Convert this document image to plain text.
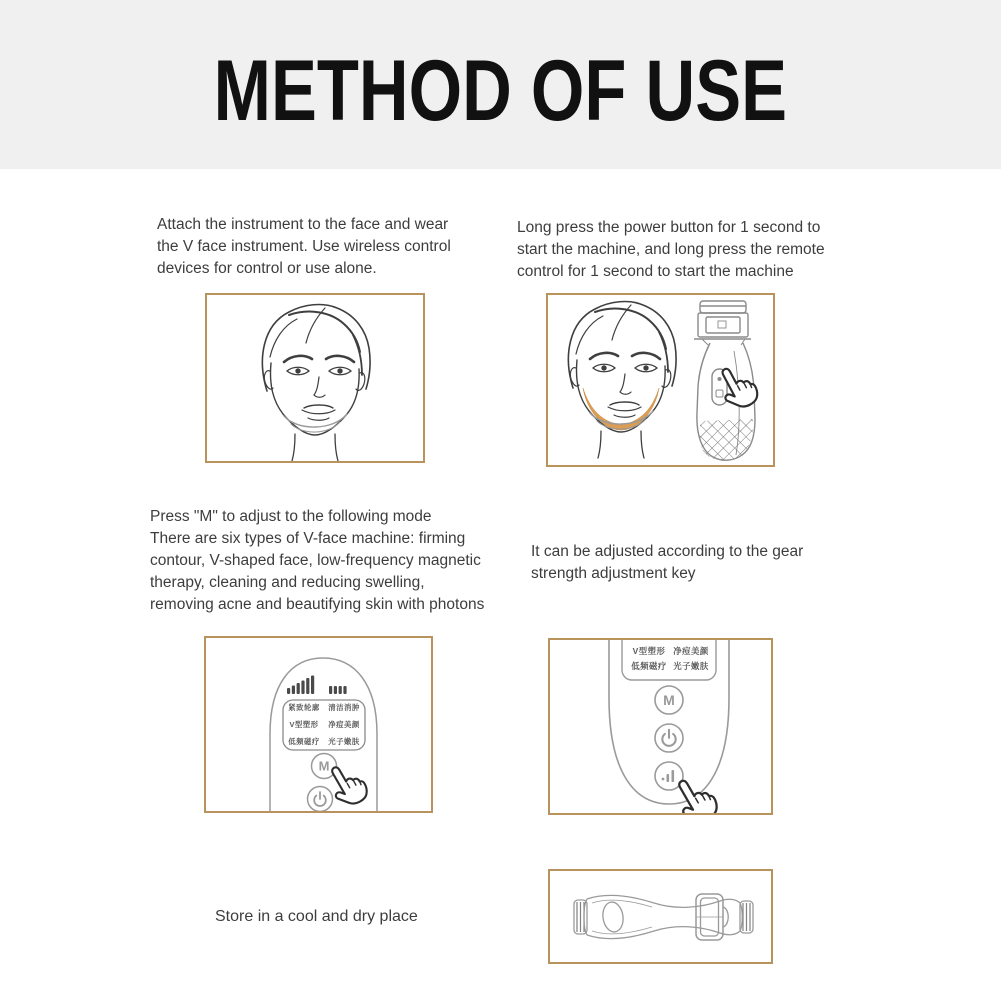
METHOD OF USE
Attach the instrument to the face and wear
the V face instrument. Use wireless control
devices for control or use alone.
Long press the power button for 1 second to
start the machine, and long press the remote
control for 1 second to start the machine
Press "M" to adjust to the following mode
There are six types of V-face machine: firming
contour, V-shaped face, low-frequency magnetic
therapy, cleaning and reducing swelling,
removing acne and beautifying skin with photons
It can be adjusted according to the gear
strength adjustment key
紧致轮廓 清洁消肿
V型塑形 净痘美颜
低频磁疗 光子嫩肤
M
V型塑形 净痘美颜
低频磁疗 光子嫩肤
M
Store in a cool and dry place
